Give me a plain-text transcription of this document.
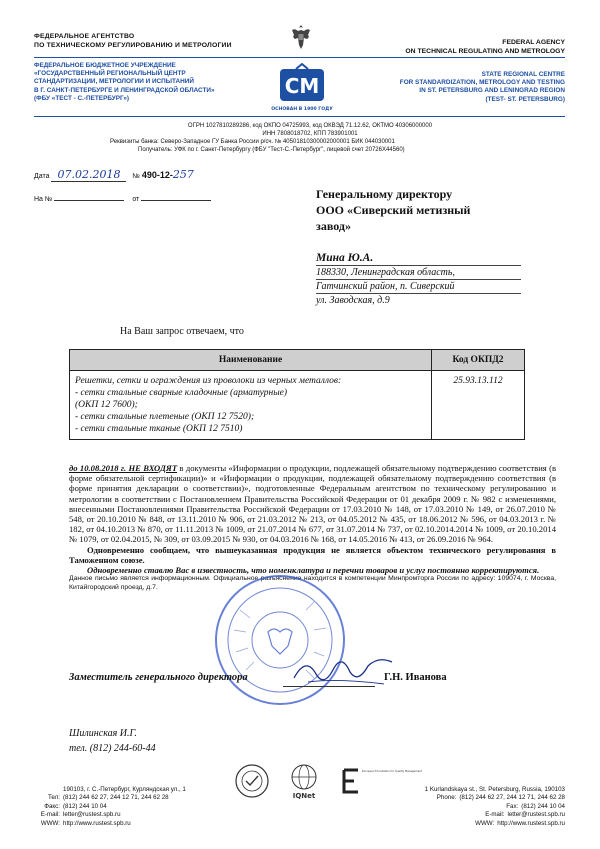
ФЕДЕРАЛЬНОЕ АГЕНТСТВО
ПО ТЕХНИЧЕСКОМУ РЕГУЛИРОВАНИЮ И МЕТРОЛОГИИ	FEDERAL AGENCY
ON TECHNICAL REGULATING AND METROLOGY
ФЕДЕРАЛЬНОЕ БЮДЖЕТНОЕ УЧРЕЖДЕНИЕ
«ГОСУДАРСТВЕННЫЙ РЕГИОНАЛЬНЫЙ ЦЕНТР
СТАНДАРТИЗАЦИИ, МЕТРОЛОГИИ И ИСПЫТАНИЙ
В Г. САНКТ-ПЕТЕРБУРГЕ И ЛЕНИНГРАДСКОЙ ОБЛАСТИ»
(ФБУ «ТЕСТ - С.-ПЕТЕРБУРГ»)
СМ
ОСНОВАН В 1900 ГОДУ
STATE REGIONAL CENTRE
FOR STANDARDIZATION, METROLOGY AND TESTING
IN ST. PETERSBURG AND LENINGRAD REGION
(TEST- ST. PETERSBURG)
ОГРН 1027810289286, код ОКПО 04725993, код ОКВЭД 71.12.62, ОКТМО 40306000000
ИНН 7808018702, КПП 783901001
Реквизиты банка: Северо-Западное ГУ Банка России р/сч. № 40501810300002000001 БИК 044030001
Получатель: УФК по г. Санкт-Петербургу (ФБУ "Тест-С.-Петербург", лицевой счет 20726Х44560)
Дата 07.02.2018 № 490-12-257
На №	от	Генеральному директору
ООО «Сиверский метизный
завод»
Мина Ю.А.
188330, Ленинградская область,
Гатчинский район, п. Сиверский
ул. Заводская, д.9
На Ваш запрос отвечаем, что
Наименование	Код ОКПД2

Решетки, сетки и ограждения из проволоки из черных металлов:
- сетки стальные сварные кладочные (арматурные)
(ОКП 12 7600);
- сетки стальные плетеные (ОКП 12 7520);
- сетки стальные тканые (ОКП 12 7510)	25.93.13.112

до 10.08.2018 г. НЕ ВХОДЯТ в документы «Информации о продукции, подлежащей обязательному подтверждению соответствия (в форме обязательной сертификации)» и «Информации о продукции, подлежащей обязательному подтверждению соответствия (в форме принятия декларации о соответствии)», подготовленные Федеральным агентством по техническому регулированию и метрологии в соответствии с Постановлением Правительства Российской Федерации от 01 декабря 2009 г. № 982 с изменениями, внесенными Постановлениями Правительства Российской Федерации от 17.03.2010 № 148, от 17.03.2010 № 149, от 26.07.2010 № 548, от 20.10.2010 № 848, от 13.11.2010 № 906, от 21.03.2012 № 213, от 04.05.2012 № 435, от 18.06.2012 № 596, от 04.03.2013 г. № 182, от 04.10.2013 № 870, от 11.11.2013 № 1009, от 21.07.2014 № 677, от 31.07.2014 № 737, от 02.10.2014.2014 № 1009, от 20.10.2014 № 1079, от 02.04.2015, № 309, от 03.09.2015 № 930, от 04.03.2016 № 168, от 14.05.2016 № 413, от 26.09.2016 № 964.

Одновременно сообщаем, что вышеуказанная продукция не является объектом технического регулирования в Таможенном союзе.

Одновременно ставлю Вас в известность, что номенклатура и перечни товаров и услуг постоянно корректируются.

Данное письмо является информационным. Официальное разъяснение находится в компетенции Минпромторга России по адресу: 109074, г. Москва, Китайгородский проезд, д.7.

Заместитель генерального директора	Г.Н. Иванова
Шилинская И.Г.
тел. (812) 244-60-44
190103, г. С.-Петербург, Курляндская ул., 1
Тел: (812) 244 62 27, 244 12 71, 244 62 28
Факс: (812) 244 10 04
E-mail: letter@rustest.spb.ru
WWW: http://www.rustest.spb.ru
IQNet
European Foundation for Quality Management
1 Kurlandskaya st., St. Petersburg, Russia, 190103
Phone: (812) 244 62 27, 244 12 71, 244 62 28
Fax: (812) 244 10 04
E-mail: letter@rustest.spb.ru
WWW: http://www.rustest.spb.ru
